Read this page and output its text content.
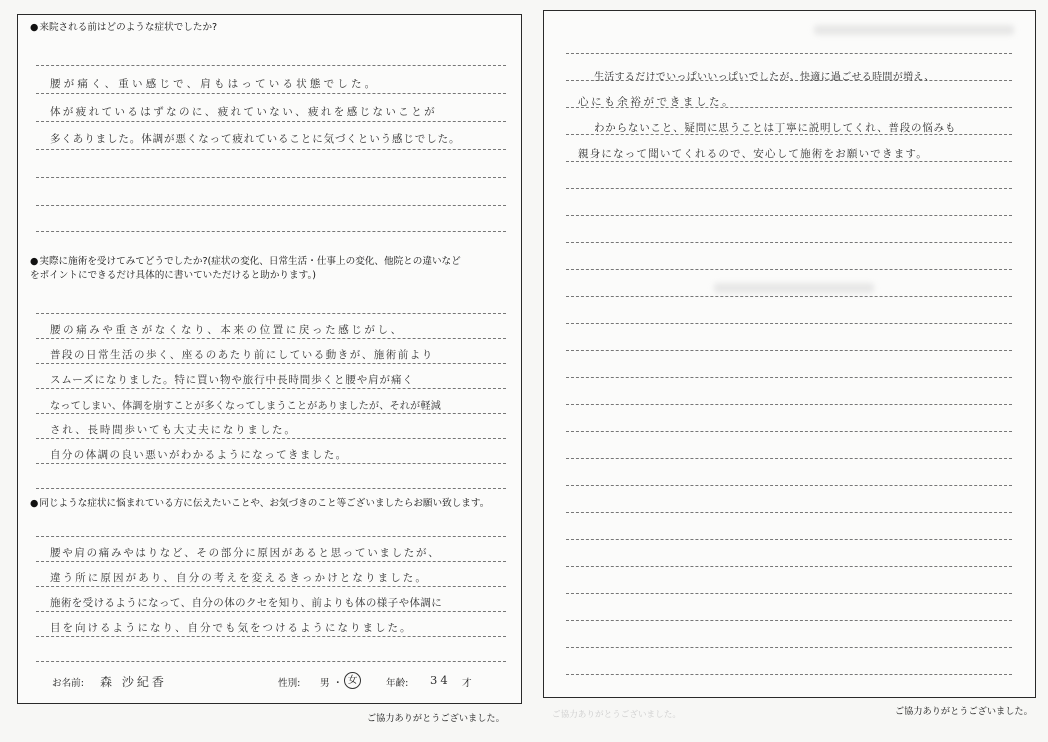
●来院される前はどのような症状でしたか?
腰が痛く、重い感じで、肩もはっている状態でした。
体が疲れているはずなのに、疲れていない、疲れを感じないことが
多くありました。体調が悪くなって疲れていることに気づくという感じでした。
●実際に施術を受けてみてどうでしたか?(症状の変化、日常生活・仕事上の変化、他院との違いなど
をポイントにできるだけ具体的に書いていただけると助かります。)
腰の痛みや重さがなくなり、本来の位置に戻った感じがし、
普段の日常生活の歩く、座るのあたり前にしている動きが、施術前より
スムーズになりました。特に買い物や旅行中長時間歩くと腰や肩が痛く
なってしまい、体調を崩すことが多くなってしまうことがありましたが、それが軽減
され、長時間歩いても大丈夫になりました。
自分の体調の良い悪いがわかるようになってきました。
●同じような症状に悩まれている方に伝えたいことや、お気づきのこと等ございましたらお願い致します。
腰や肩の痛みやはりなど、その部分に原因があると思っていましたが、
違う所に原因があり、自分の考えを変えるきっかけとなりました。
施術を受けるようになって、自分の体のクセを知り、前よりも体の様子や体調に
目を向けるようになり、自分でも気をつけるようになりました。
お名前: 森 沙紀香	性別: 男 ・ 女	年齢: 34 才
ご協力ありがとうございました。
生活するだけでいっぱいいっぱいでしたが、快適に過ごせる時間が増え、
心にも余裕ができました。
わからないこと、疑問に思うことは丁寧に説明してくれ、普段の悩みも
親身になって聞いてくれるので、安心して施術をお願いできます。
ご協力ありがとうございました。	ご協力ありがとうございました。
